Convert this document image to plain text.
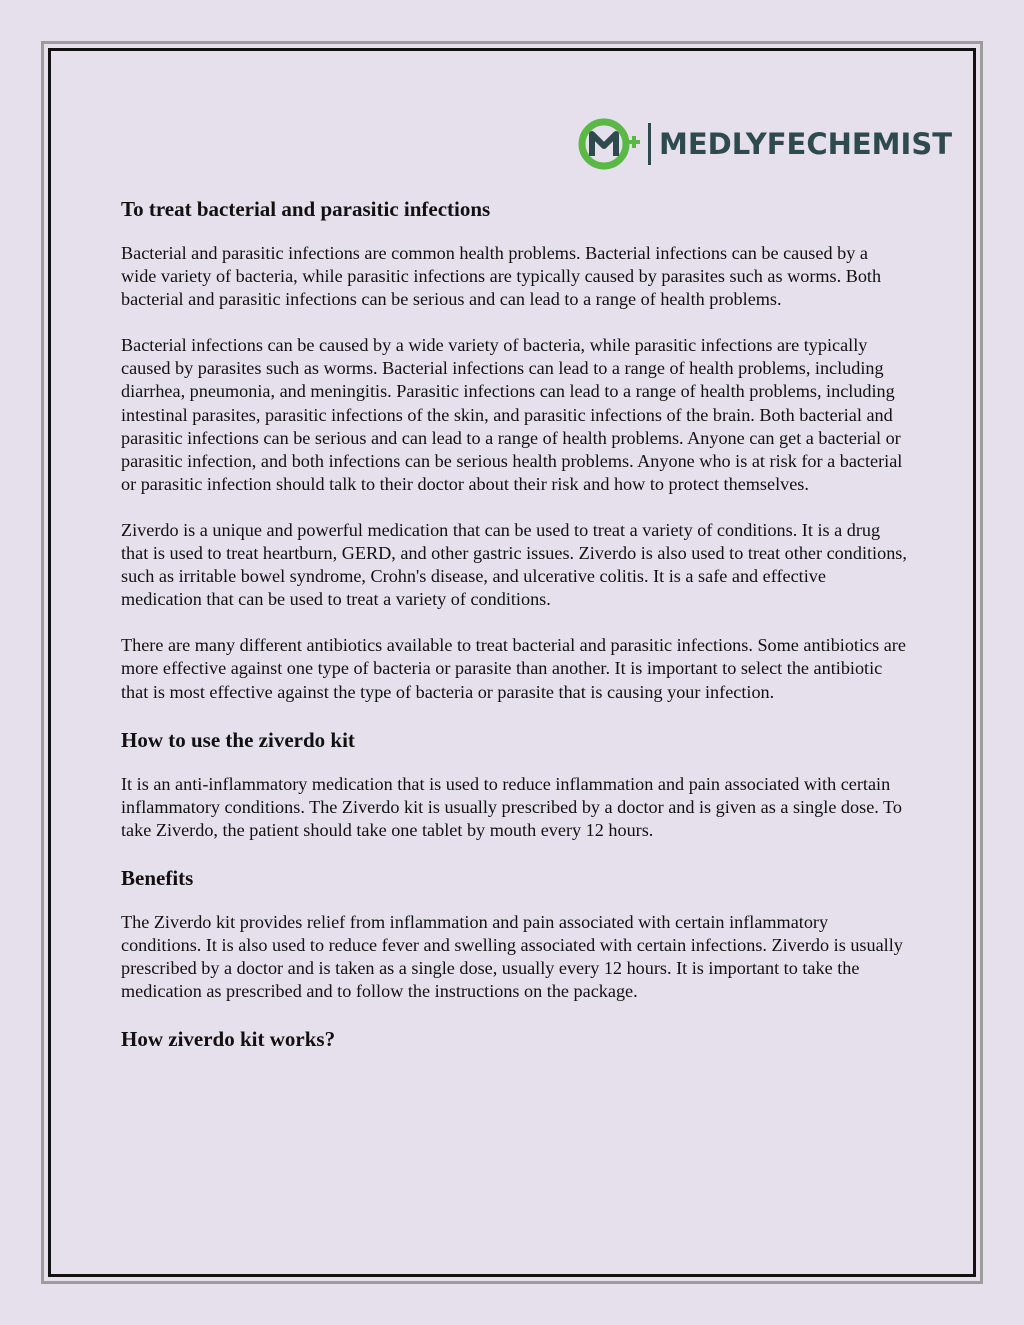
MEDLYFECHEMIST
To treat bacterial and parasitic infections

Bacterial and parasitic infections are common health problems. Bacterial infections can be caused by a wide variety of bacteria, while parasitic infections are typically caused by parasites such as worms. Both bacterial and parasitic infections can be serious and can lead to a range of health problems.

Bacterial infections can be caused by a wide variety of bacteria, while parasitic infections are typically caused by parasites such as worms. Bacterial infections can lead to a range of health problems, including diarrhea, pneumonia, and meningitis. Parasitic infections can lead to a range of health problems, including intestinal parasites, parasitic infections of the skin, and parasitic infections of the brain. Both bacterial and parasitic infections can be serious and can lead to a range of health problems. Anyone can get a bacterial or parasitic infection, and both infections can be serious health problems. Anyone who is at risk for a bacterial or parasitic infection should talk to their doctor about their risk and how to protect themselves.

Ziverdo is a unique and powerful medication that can be used to treat a variety of conditions. It is a drug that is used to treat heartburn, GERD, and other gastric issues. Ziverdo is also used to treat other conditions, such as irritable bowel syndrome, Crohn's disease, and ulcerative colitis. It is a safe and effective medication that can be used to treat a variety of conditions.

There are many different antibiotics available to treat bacterial and parasitic infections. Some antibiotics are more effective against one type of bacteria or parasite than another. It is important to select the antibiotic that is most effective against the type of bacteria or parasite that is causing your infection.

How to use the ziverdo kit

It is an anti-inflammatory medication that is used to reduce inflammation and pain associated with certain inflammatory conditions. The Ziverdo kit is usually prescribed by a doctor and is given as a single dose. To take Ziverdo, the patient should take one tablet by mouth every 12 hours.

Benefits

The Ziverdo kit provides relief from inflammation and pain associated with certain inflammatory conditions. It is also used to reduce fever and swelling associated with certain infections. Ziverdo is usually prescribed by a doctor and is taken as a single dose, usually every 12 hours. It is important to take the medication as prescribed and to follow the instructions on the package.

How ziverdo kit works?
